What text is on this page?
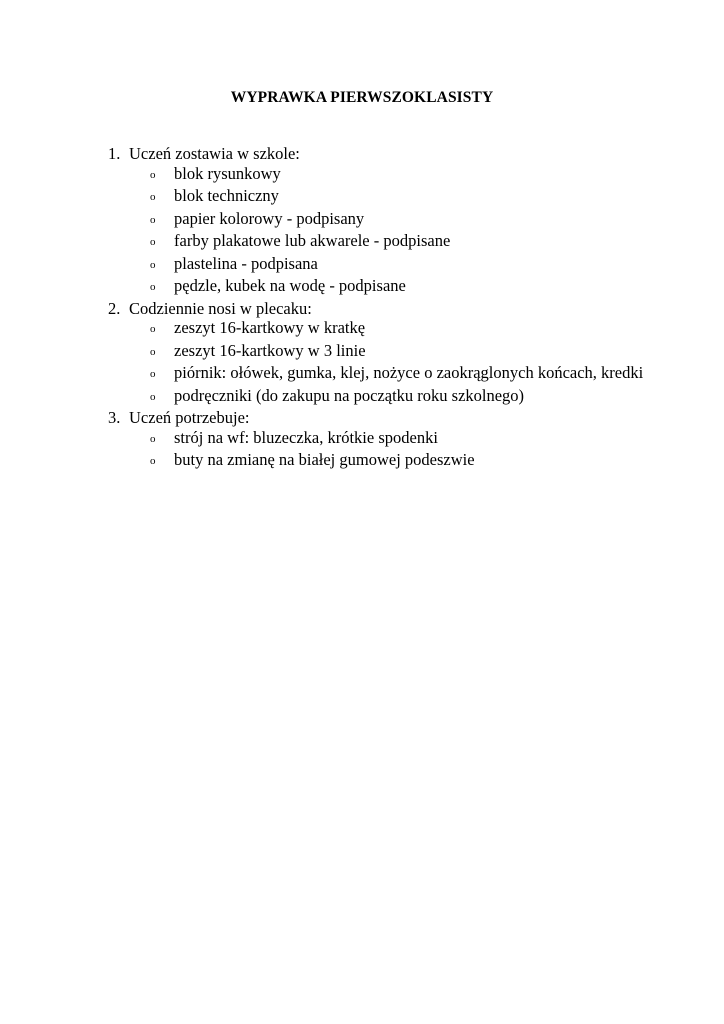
WYPRAWKA PIERWSZOKLASISTY
1. Uczeń zostawia w szkole:
o	blok rysunkowy
o	blok techniczny
o	papier kolorowy - podpisany
o	farby plakatowe lub akwarele - podpisane
o	plastelina - podpisana
o	pędzle, kubek na wodę - podpisane
2. Codziennie nosi w plecaku:
o	zeszyt 16-kartkowy w kratkę
o	zeszyt 16-kartkowy w 3 linie
o	piórnik: ołówek, gumka, klej, nożyce o zaokrąglonych końcach, kredki
o	podręczniki (do zakupu na początku roku szkolnego)
3. Uczeń potrzebuje:
o	strój na wf: bluzeczka, krótkie spodenki
o	buty na zmianę na białej gumowej podeszwie
